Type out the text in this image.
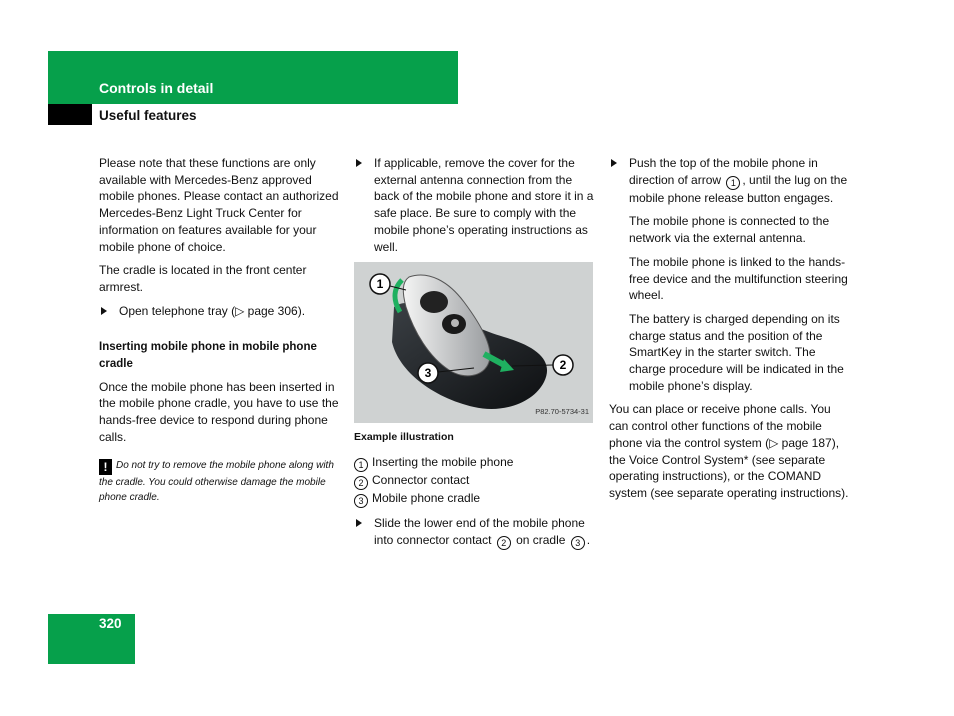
Controls in detail
Useful features

Please note that these functions are only available with Mercedes-Benz approved mobile phones. Please contact an authorized Mercedes-Benz Light Truck Center for information on features available for your mobile phone of choice.

The cradle is located in the front center armrest.

Open telephone tray (▷ page 306).
Inserting mobile phone in mobile phone cradle

Once the mobile phone has been inserted in the mobile phone cradle, you have to use the hands-free device to respond during phone calls.

! Do not try to remove the mobile phone along with the cradle. You could otherwise damage the mobile phone cradle.
If applicable, remove the cover for the external antenna connection from the back of the mobile phone and store it in a safe place. Be sure to comply with the mobile phone’s operating instructions as well.
1
2
3
P82.70-5734-31
Example illustration
1 Inserting the mobile phone
2 Connector contact
3 Mobile phone cradle
Slide the lower end of the mobile phone into connector contact 2 on cradle 3 .
Push the top of the mobile phone in direction of arrow 1 , until the lug on the mobile phone release button engages.

The mobile phone is connected to the network via the external antenna.

The mobile phone is linked to the hands-free device and the multifunction steering wheel.

The battery is charged depending on its charge status and the position of the SmartKey in the starter switch. The charge procedure will be indicated in the mobile phone’s display.

You can place or receive phone calls. You can control other functions of the mobile phone via the control system (▷ page 187), the Voice Control System* (see separate operating instructions), or the COMAND system (see separate operating instructions).

320
